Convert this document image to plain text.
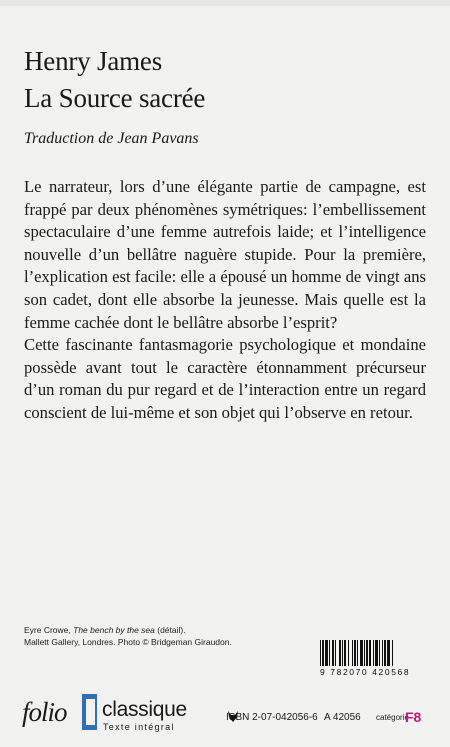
Henry James
La Source sacrée
Traduction de Jean Pavans

Le narrateur, lors d’une élégante partie de campagne, est frappé par deux phénomènes symétriques: l’embellissement spectaculaire d’une femme autrefois laide; et l’intelligence nouvelle d’un bellâtre naguère stupide. Pour la première, l’explication est facile: elle a épousé un homme de vingt ans son cadet, dont elle absorbe la jeunesse. Mais quelle est la femme cachée dont le bellâtre absorbe l’esprit?

Cette fascinante fantasmagorie psychologique et mondaine possède avant tout le caractère étonnamment précurseur d’un roman du pur regard et de l’interaction entre un regard conscient de lui-même et son objet qui l’observe en retour.

Eyre Crowe, The bench by the sea (détail).
Mallett Gallery, Londres. Photo © Bridgeman Giraudon.
9 782070 420568
folio classique
Texte intégral
ISBN 2-07-042056-6 A 42056 catégorie
F8
